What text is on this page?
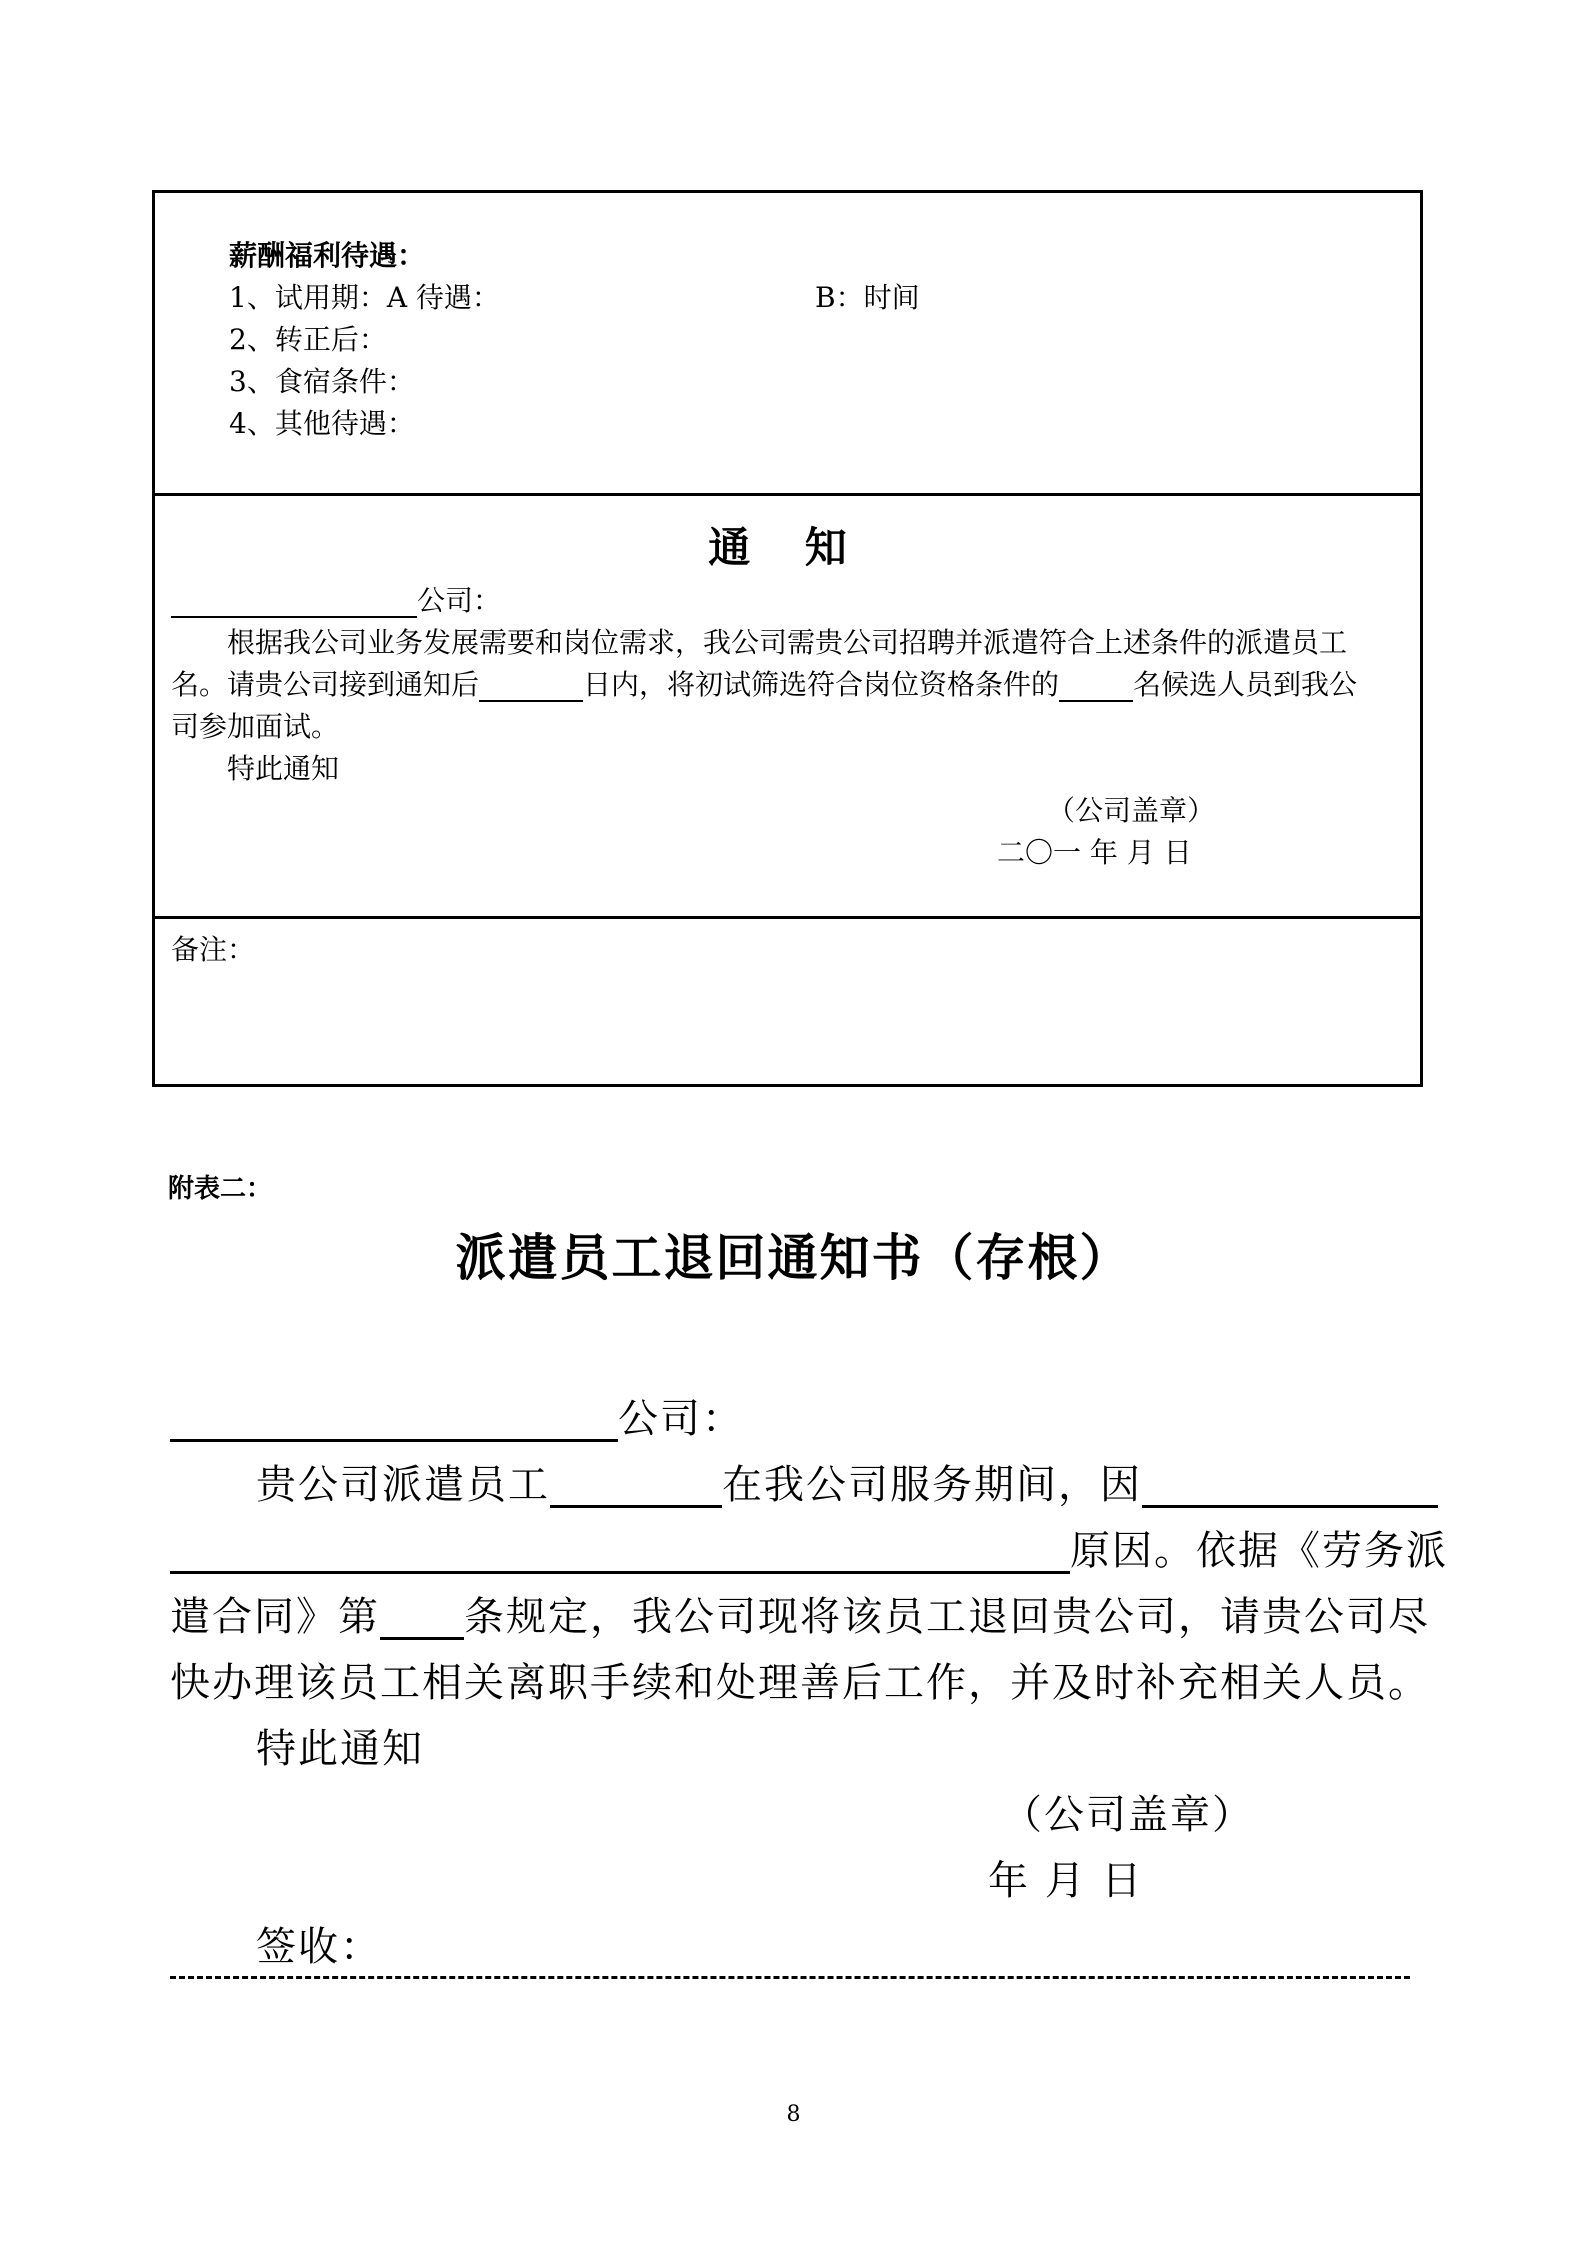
薪酬福利待遇：
1、试用期：A 待遇：	B：时间
2、转正后：
3、食宿条件：
4、其他待遇：
通 知
公司：
根据我公司业务发展需要和岗位需求，我公司需贵公司招聘并派遣符合上述条件的派遣员工
名。请贵公司接到通知后	日内，将初试筛选符合岗位资格条件的	名候选人员到我公
司参加面试。
特此通知
（公司盖章）
二〇一 年 月 日
备注：
附表二：
派遣员工退回通知书（存根）
公司：
贵公司派遣员工	在我公司服务期间，因
原因。依据《劳务派
遣合同》第 条规定，我公司现将该员工退回贵公司，请贵公司尽
快办理该员工相关离职手续和处理善后工作，并及时补充相关人员。
特此通知
（公司盖章）
年 月 日
签收：
8
